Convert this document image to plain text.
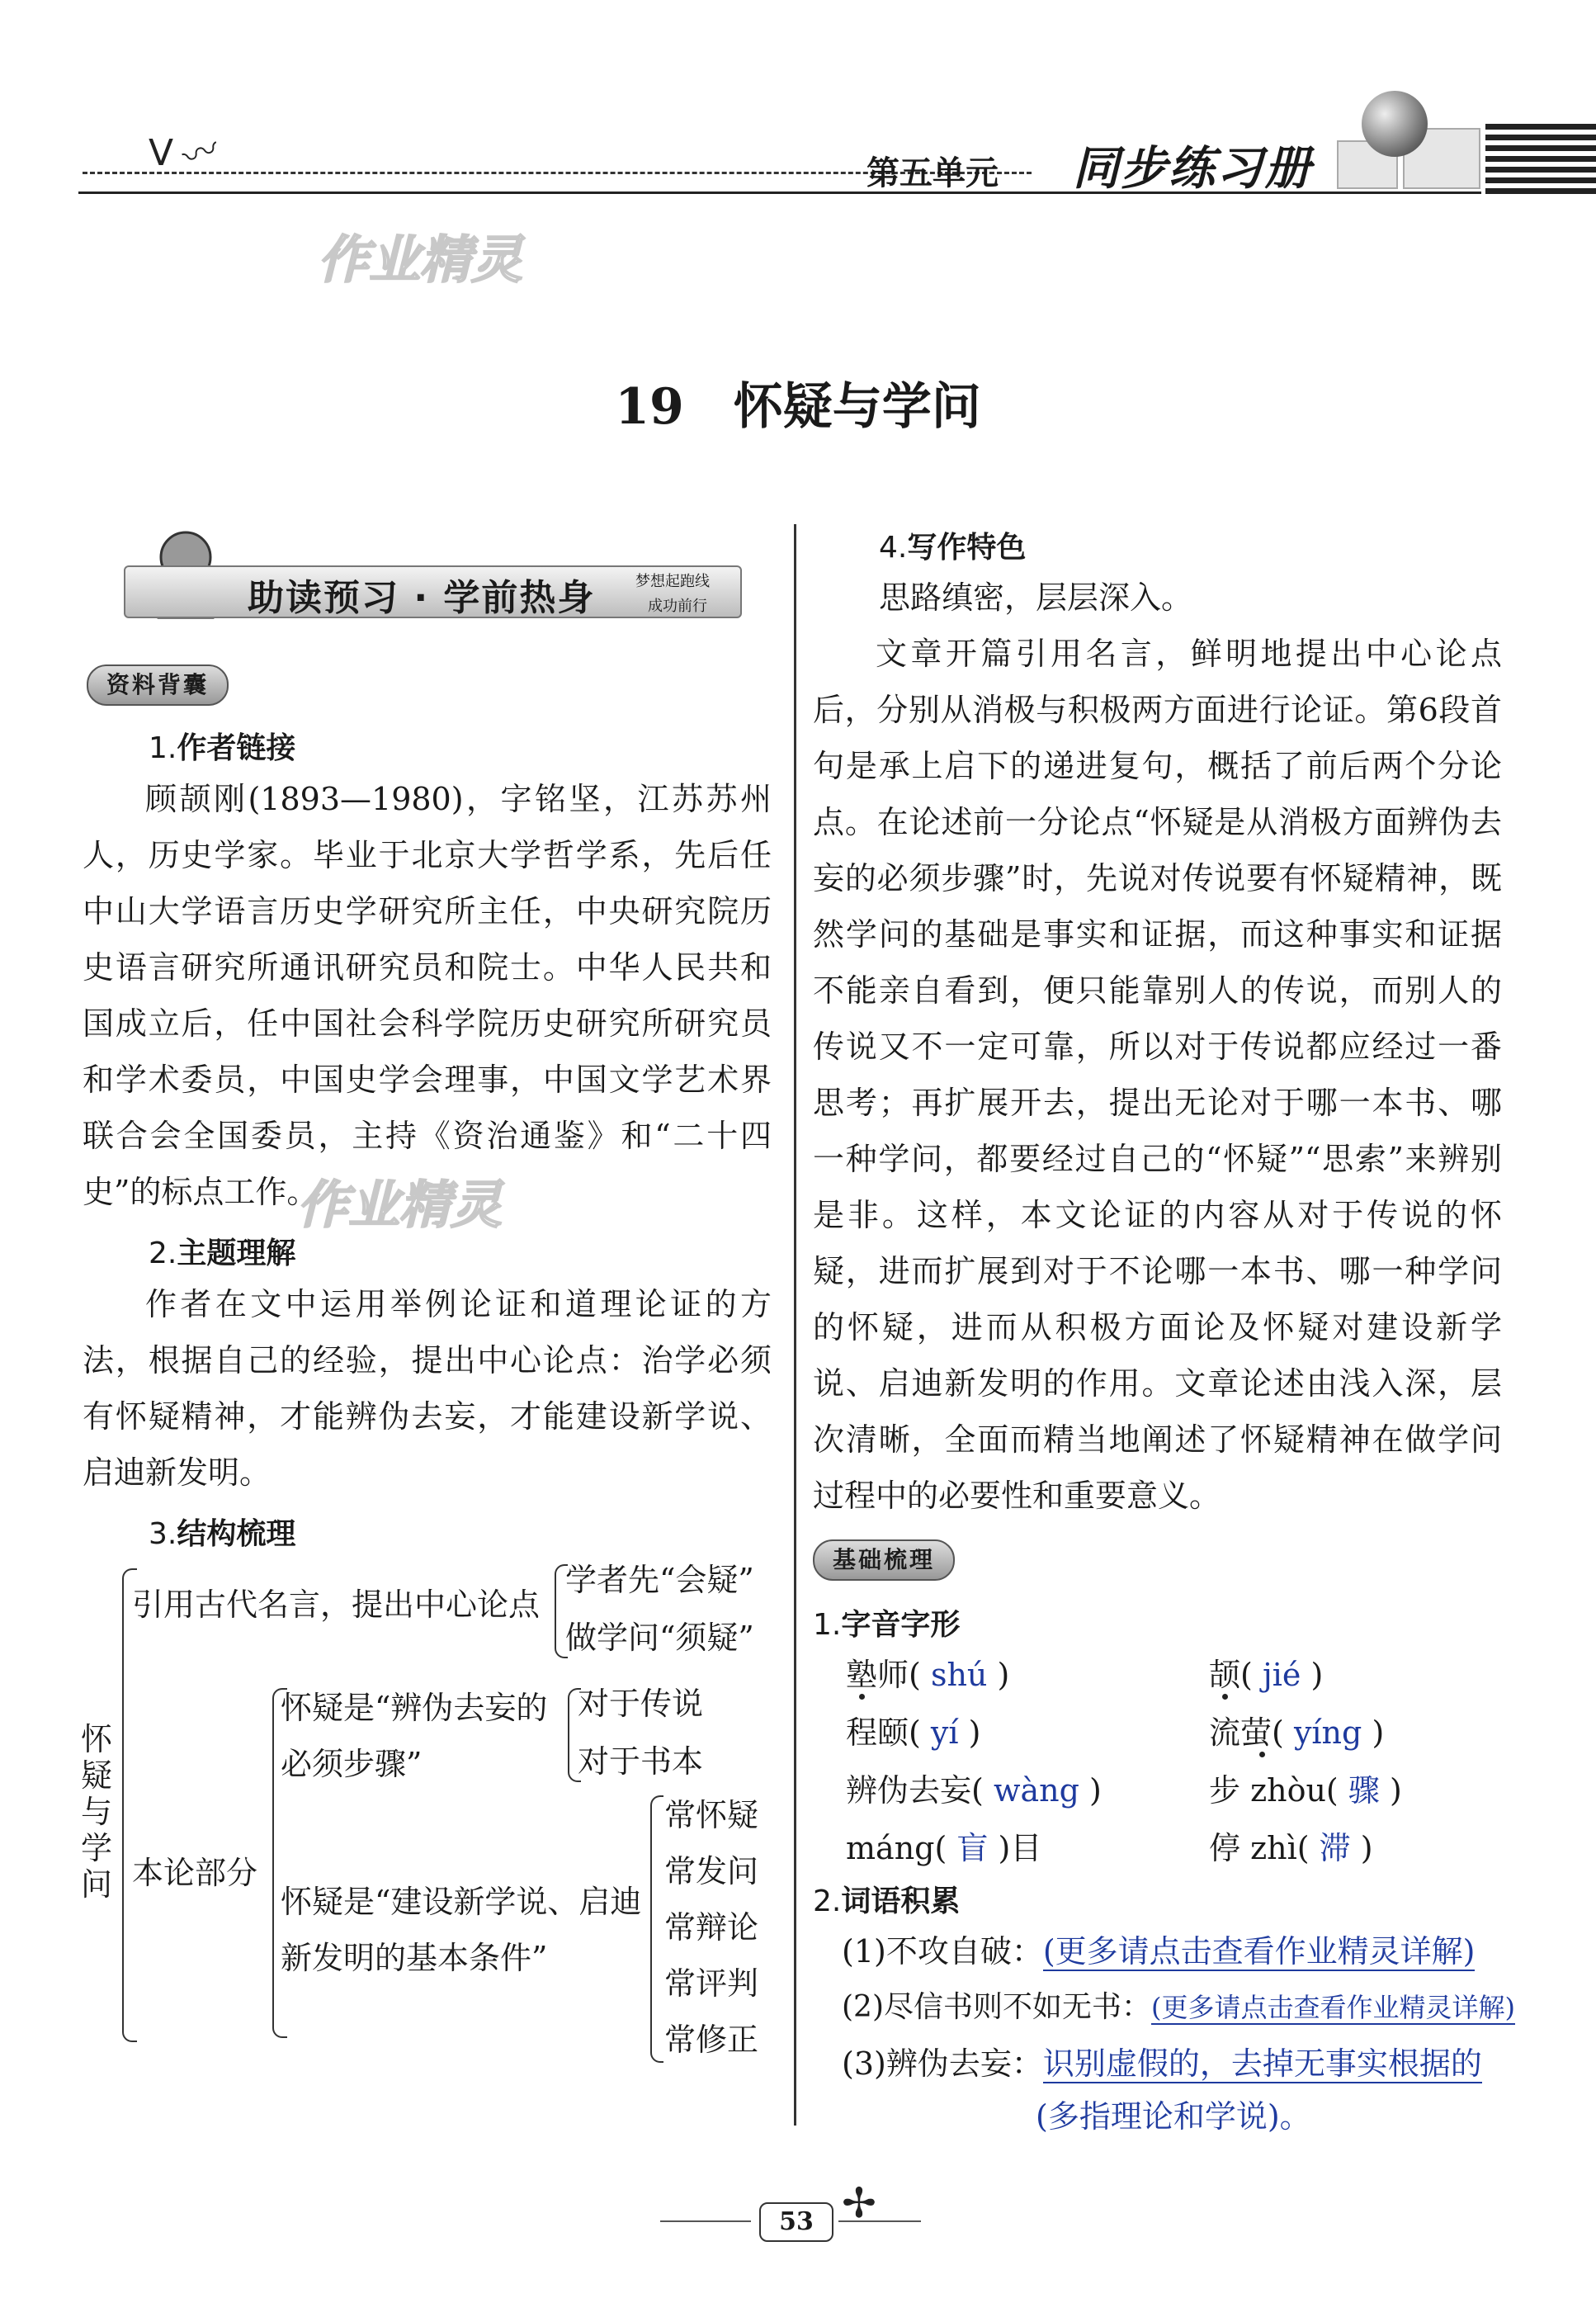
ᐯ 〰	第五单元 同步练习册
作业精灵
19　怀疑与学问
助读预习 · 学前热身	梦想起跑线
成功前行
资料背囊
1.作者链接
顾颉刚(1893—1980)，字铭坚，江苏苏州人，历史学家。毕业于北京大学哲学系，先后任中山大学语言历史学研究所主任，中央研究院历史语言研究所通讯研究员和院士。中华人民共和国成立后，任中国社会科学院历史研究所研究员和学术委员，中国史学会理事，中国文学艺术界联合会全国委员，主持《资治通鉴》和“二十四史”的标点工作。
作业精灵
2.主题理解
作者在文中运用举例论证和道理论证的方法，根据自己的经验，提出中心论点：治学必须有怀疑精神，才能辨伪去妄，才能建设新学说、启迪新发明。
3.结构梳理
怀疑与学问
引用古代名言，提出中心论点
学者先“会疑”
做学问“须疑”
本论部分
怀疑是“辨伪去妄的必须步骤”
对于传说
对于书本
怀疑是“建设新学说、启迪新发明的基本条件”
常怀疑
常发问
常辩论
常评判
常修正
4.写作特色
思路缜密，层层深入。
文章开篇引用名言，鲜明地提出中心论点后，分别从消极与积极两方面进行论证。第6段首句是承上启下的递进复句，概括了前后两个分论点。在论述前一分论点“怀疑是从消极方面辨伪去妄的必须步骤”时，先说对传说要有怀疑精神，既然学问的基础是事实和证据，而这种事实和证据不能亲自看到，便只能靠别人的传说，而别人的传说又不一定可靠，所以对于传说都应经过一番思考；再扩展开去，提出无论对于哪一本书、哪一种学问，都要经过自己的“怀疑”“思索”来辨别是非。这样，本文论证的内容从对于传说的怀疑，进而扩展到对于不论哪一本书、哪一种学问的怀疑，进而从积极方面论及怀疑对建设新学说、启迪新发明的作用。文章论述由浅入深，层次清晰，全面而精当地阐述了怀疑精神在做学问过程中的必要性和重要意义。
基础梳理
1.字音字形
塾师( shú )	颉( jié )
程颐( yí )	流萤( yíng )
辨伪去妄( wàng )	步 zhòu( 骤 )
máng( 盲 )目	停 zhì( 滞 )
2.词语积累
(1)不攻自破：(更多请点击查看作业精灵详解)
(2)尽信书则不如无书：(更多请点击查看作业精灵详解)
(3)辨伪去妄：识别虚假的，去掉无事实根据的
(多指理论和学说)。
✢
53
